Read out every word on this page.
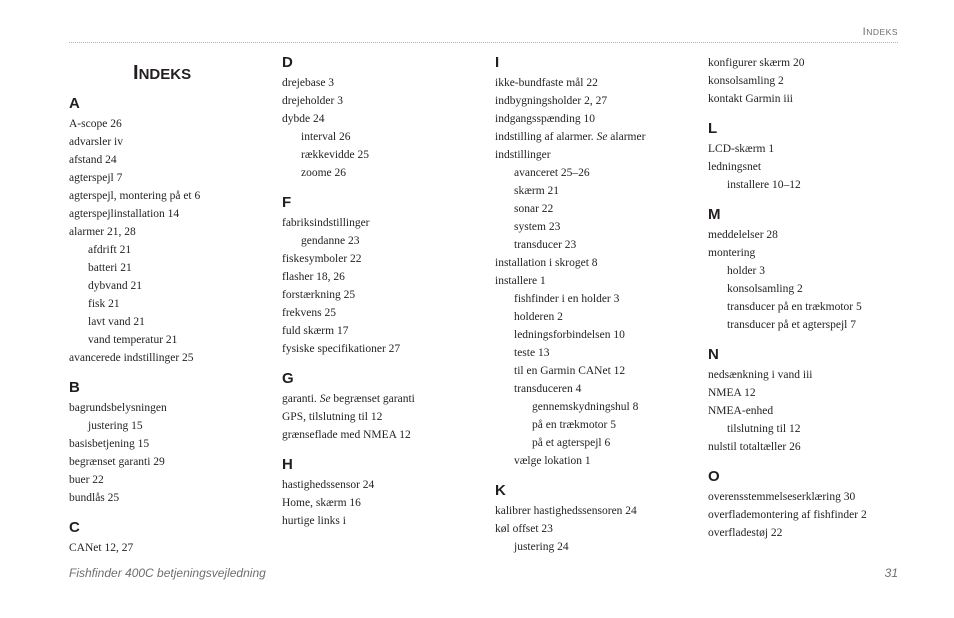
INDEKS
INDEKS
A
A-scope 26
advarsler iv
afstand 24
agterspejl 7
agterspejl, montering på et 6
agterspejlinstallation 14
alarmer 21, 28
afdrift 21
batteri 21
dybvand 21
fisk 21
lavt vand 21
vand temperatur 21
avancerede indstillinger 25
B
bagrundsbelysningen
justering 15
basisbetjening 15
begrænset garanti 29
buer 22
bundlås 25
C
CANet 12, 27
D
drejebase 3
drejeholder 3
dybde 24
interval 26
rækkevidde 25
zoome 26
F
fabriksindstillinger
gendanne 23
fiskesymboler 22
flasher 18, 26
forstærkning 25
frekvens 25
fuld skærm 17
fysiske specifikationer 27
G
garanti. Se begrænset garanti
GPS, tilslutning til 12
grænseflade med NMEA 12
H
hastighedssensor 24
Home, skærm 16
hurtige links i
I
ikke-bundfaste mål 22
indbygningsholder 2, 27
indgangsspænding 10
indstilling af alarmer. Se alarmer
indstillinger
avanceret 25–26
skærm 21
sonar 22
system 23
transducer 23
installation i skroget 8
installere 1
fishfinder i en holder 3
holderen 2
ledningsforbindelsen 10
teste 13
til en Garmin CANet 12
transduceren 4
gennemskydningshul 8
på en trækmotor 5
på et agterspejl 6
vælge lokation 1
K
kalibrer hastighedssensoren 24
køl offset 23
justering 24
konfigurer skærm 20
konsolsamling 2
kontakt Garmin iii
L
LCD-skærm 1
ledningsnet
installere 10–12
M
meddelelser 28
montering
holder 3
konsolsamling 2
transducer på en trækmotor 5
transducer på et agterspejl 7
N
nedsænkning i vand iii
NMEA 12
NMEA-enhed
tilslutning til 12
nulstil totaltæller 26
O
overensstemmelseserklæring 30
overflademontering af fishfinder 2
overfladestøj 22
Fishfinder 400C betjeningsvejledning	31
